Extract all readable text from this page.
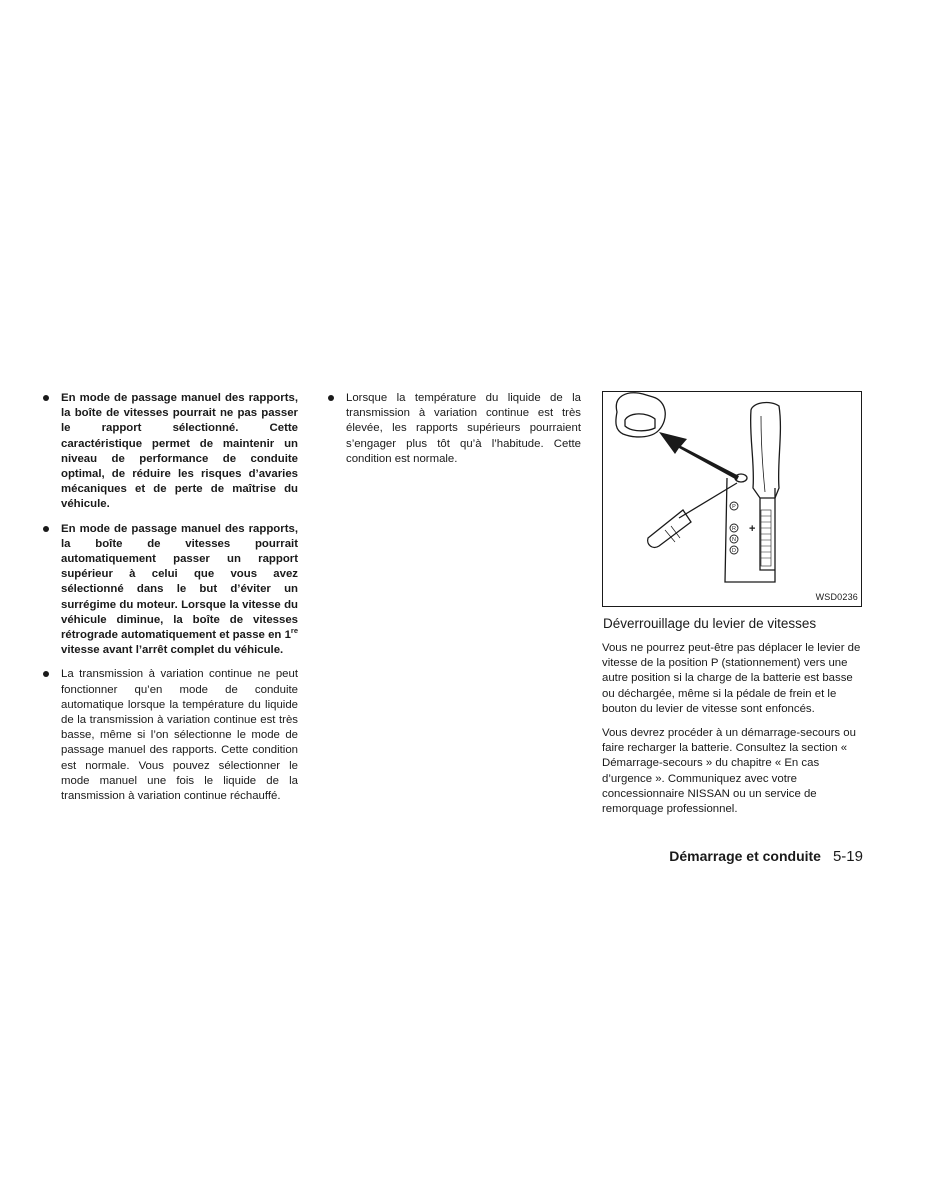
En mode de passage manuel des rapports, la boîte de vitesses pourrait ne pas passer le rapport sélectionné. Cette caractéristique permet de maintenir un niveau de performance de conduite optimal, de réduire les risques d’avaries mécaniques et de perte de maîtrise du véhicule.
En mode de passage manuel des rapports, la boîte de vitesses pourrait automatiquement passer un rapport supérieur à celui que vous avez sélectionné dans le but d’éviter un surrégime du moteur. Lorsque la vitesse du véhicule diminue, la boîte de vitesses rétrograde automatiquement et passe en 1re vitesse avant l’arrêt complet du véhicule.
La transmission à variation continue ne peut fonctionner qu’en mode de conduite automatique lorsque la température du liquide de la transmission à variation continue est très basse, même si l’on sélectionne le mode de passage manuel des rapports. Cette condition est normale. Vous pouvez sélectionner le mode manuel une fois le liquide de la transmission à variation continue réchauffé.
Lorsque la température du liquide de la transmission à variation continue est très élevée, les rapports supérieurs pourraient s’engager plus tôt qu’à l’habitude. Cette condition est normale.
P
R
N
D
+
WSD0236
Déverrouillage du levier de vitesses

Vous ne pourrez peut-être pas déplacer le levier de vitesse de la position P (stationnement) vers une autre position si la charge de la batterie est basse ou déchargée, même si la pédale de frein et le bouton du levier de vitesse sont enfoncés.

Vous devrez procéder à un démarrage-secours ou faire recharger la batterie. Consultez la section « Démarrage-secours » du chapitre « En cas d’urgence ». Communiquez avec votre concessionnaire NISSAN ou un service de remorquage professionnel.

Démarrage et conduite 5-19
